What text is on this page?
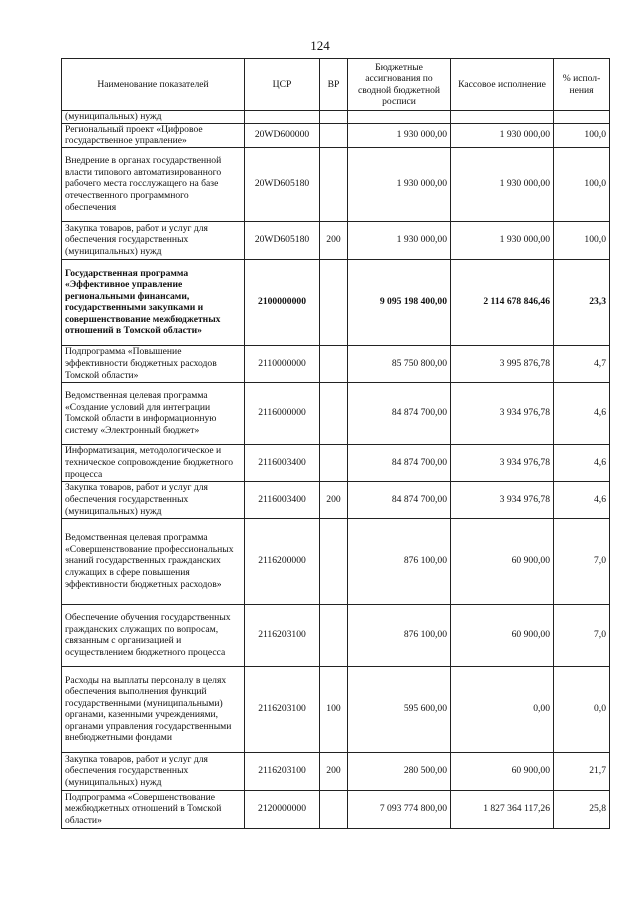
124
Наименование показателей	ЦСР	ВР	Бюджетные ассигнования по сводной бюджетной росписи	Кассовое исполнение	% испол-нения
(муниципальных) нужд					
Региональный проект «Цифровое государственное управление»	20WD600000		1 930 000,00	1 930 000,00	100,0
Внедрение в органах государственной власти типового автоматизированного рабочего места госслужащего на базе отечественного программного обеспечения	20WD605180		1 930 000,00	1 930 000,00	100,0
Закупка товаров, работ и услуг для обеспечения государственных (муниципальных) нужд	20WD605180	200	1 930 000,00	1 930 000,00	100,0
Государственная программа «Эффективное управление региональными финансами, государственными закупками и совершенствование межбюджетных отношений в Томской области»	2100000000		9 095 198 400,00	2 114 678 846,46	23,3
Подпрограмма «Повышение эффективности бюджетных расходов Томской области»	2110000000		85 750 800,00	3 995 876,78	4,7
Ведомственная целевая программа «Создание условий для интеграции Томской области в информационную систему «Электронный бюджет»	2116000000		84 874 700,00	3 934 976,78	4,6
Информатизация, методологическое и техническое сопровождение бюджетного процесса	2116003400		84 874 700,00	3 934 976,78	4,6
Закупка товаров, работ и услуг для обеспечения государственных (муниципальных) нужд	2116003400	200	84 874 700,00	3 934 976,78	4,6
Ведомственная целевая программа «Совершенствование профессиональных знаний государственных гражданских служащих в сфере повышения эффективности бюджетных расходов»	2116200000		876 100,00	60 900,00	7,0
Обеспечение обучения государственных гражданских служащих по вопросам, связанным с организацией и осуществлением бюджетного процесса	2116203100		876 100,00	60 900,00	7,0
Расходы на выплаты персоналу в целях обеспечения выполнения функций государственными (муниципальными) органами, казенными учреждениями, органами управления государственными внебюджетными фондами	2116203100	100	595 600,00	0,00	0,0
Закупка товаров, работ и услуг для обеспечения государственных (муниципальных) нужд	2116203100	200	280 500,00	60 900,00	21,7
Подпрограмма «Совершенствование межбюджетных отношений в Томской области»	2120000000		7 093 774 800,00	1 827 364 117,26	25,8
